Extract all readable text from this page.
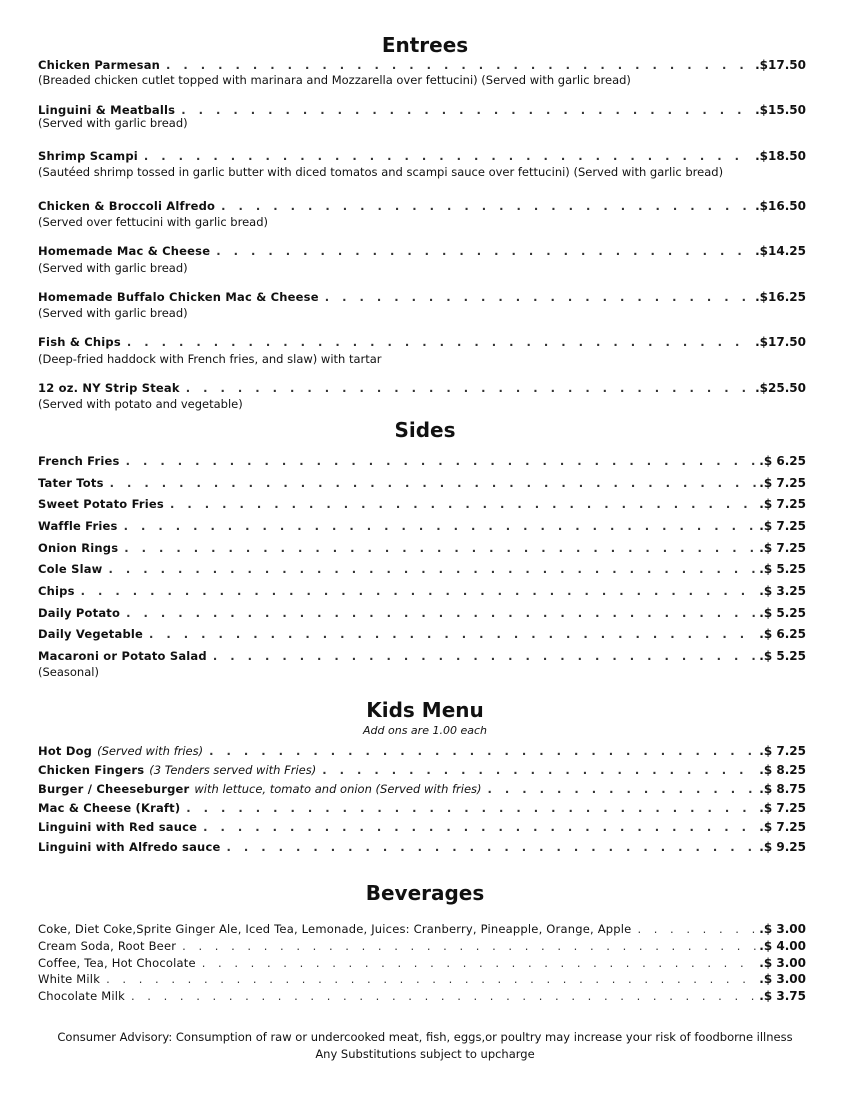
Entrees
Chicken Parmesan . . .	.$17.50
(Breaded chicken cutlet topped with marinara and Mozzarella over fettucini) (Served with garlic bread)
Linguini & Meatballs . . .	.$15.50
(Served with garlic bread)
Shrimp Scampi . . .	.$18.50
(Sautéed shrimp tossed in garlic butter with diced tomatos and scampi sauce over fettucini) (Served with garlic bread)
Chicken & Broccoli Alfredo . . .	.$16.50
(Served over fettucini with garlic bread)
Homemade Mac & Cheese . . .	.$14.25
(Served with garlic bread)
Homemade Buffalo Chicken Mac & Cheese . . .	.$16.25
(Served with garlic bread)
Fish & Chips . . .	.$17.50
(Deep-fried haddock with French fries, and slaw) with tartar
12 oz. NY Strip Steak . . .	.$25.50
(Served with potato and vegetable)
Sides
French Fries . . .	.$ 6.25
Tater Tots . . .	.$ 7.25
Sweet Potato Fries . . .	.$ 7.25
Waffle Fries . . .	.$ 7.25
Onion Rings . . .	.$ 7.25
Cole Slaw . . .	.$ 5.25
Chips . . .	.$ 3.25
Daily Potato . . .	.$ 5.25
Daily Vegetable . . .	.$ 6.25
Macaroni or Potato Salad . . .	.$ 5.25
(Seasonal)
Kids Menu
Add ons are 1.00 each
Hot Dog (Served with fries) . . .	.$ 7.25
Chicken Fingers (3 Tenders served with Fries) . . .	.$ 8.25
Burger / Cheeseburger with lettuce, tomato and onion (Served with fries) . . .	.$ 8.75
Mac & Cheese (Kraft) . . .	.$ 7.25
Linguini with Red sauce . . .	.$ 7.25
Linguini with Alfredo sauce . . .	.$ 9.25
Beverages
Coke, Diet Coke,Sprite Ginger Ale, Iced Tea, Lemonade, Juices: Cranberry, Pineapple, Orange, Apple . . .	.$ 3.00
Cream Soda, Root Beer . . .	.$ 4.00
Coffee, Tea, Hot Chocolate . . .	.$ 3.00
White Milk . . .	.$ 3.00
Chocolate Milk . . .	.$ 3.75
Consumer Advisory: Consumption of raw or undercooked meat, fish, eggs,or poultry may increase your risk of foodborne illness
Any Substitutions subject to upcharge
